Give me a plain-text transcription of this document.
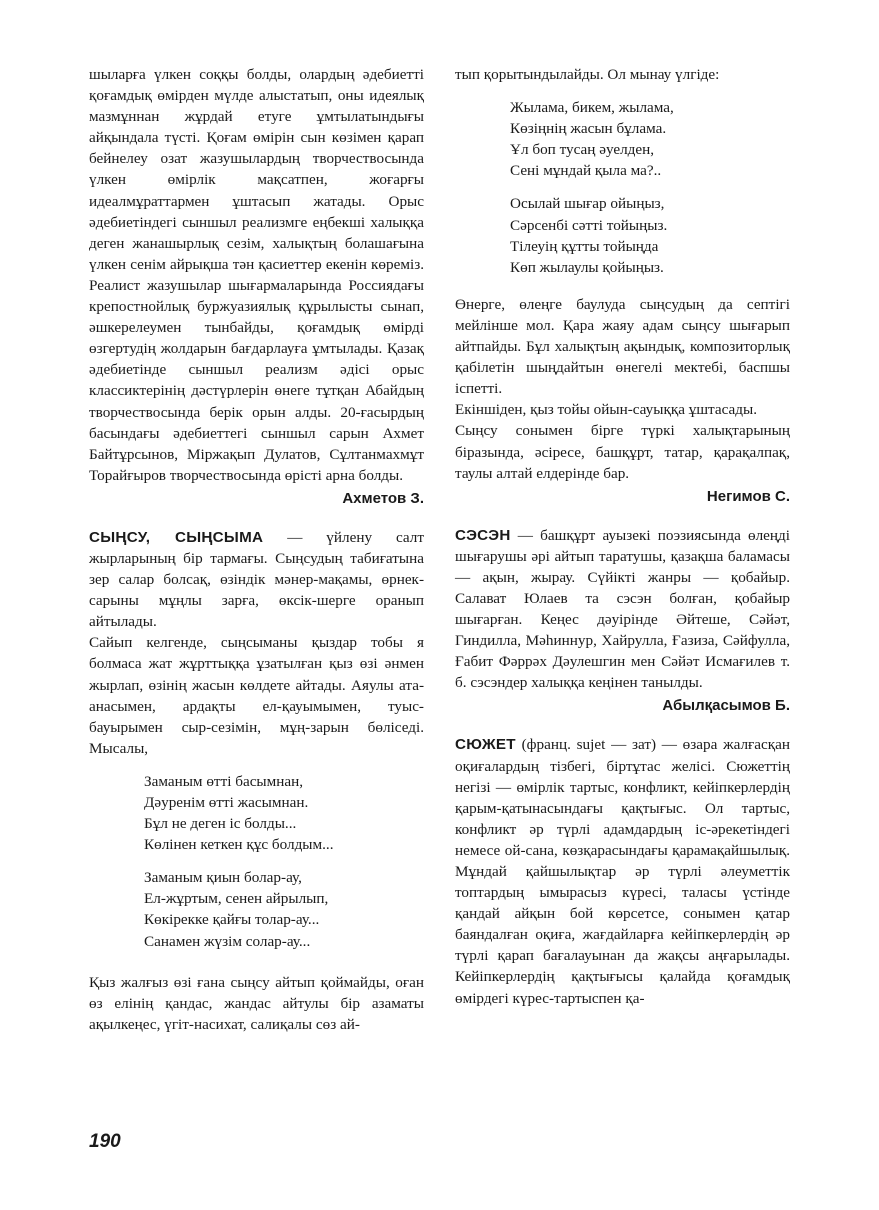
шыларға үлкен соққы болды, олардың әдебиетті қоғамдық өмірден мүлде алыстатып, оны идеялық мазмұннан жұрдай етуге ұмтылатындығы айқындала түсті. Қоғам өмірін сын көзімен қарап бейнелеу озат жазушылардың творчествосында үлкен өмірлік мақсатпен, жоғарғы идеалмұраттармен ұштасып жатады. Орыс әдебиетіндегі сыншыл реализмге еңбекші халыққа деген жанашырлық сезім, халықтың болашағына үлкен сенім айрықша тән қасиеттер екенін көреміз. Реалист жазушылар шығармаларында Россиядағы крепостнойлық буржуазиялық құрылысты сынап, әшкерелеумен тынбайды, қоғамдық өмірді өзгертудің жолдарын бағдарлауға ұмтылады. Қазақ әдебиетінде сыншыл реализм әдісі орыс классиктерінің дәстүрлерін өнеге тұтқан Абайдың творчествосында берік орын алды. 20-ғасырдың басындағы әдебиеттегі сыншыл сарын Ахмет Байтұрсынов, Міржақып Дулатов, Сұлтанмахмұт Торайғыров творчествосында өрісті арна болды.

Ахметов З.

СЫҢСУ, СЫҢСЫМА — үйлену салт жырларының бір тармағы. Сыңсудың табиғатына зер салар болсақ, өзіндік мәнер-мақамы, өрнек-сарыны мұңлы зарға, өксік-шерге оранып айтылады.

Сайып келгенде, сыңсыманы қыздар тобы я болмаса жат жұрттыққа ұзатылған қыз өзі әнмен жырлап, өзінің жасын көлдете айтады. Аяулы ата-анасымен, ардақты ел-қауымымен, туыс-бауырымен сыр-сезімін, мұң-зарын бөліседі. Мысалы,

Заманым өтті басымнан,
Дәуренім өтті жасымнан.
Бұл не деген іс болды...
Көлінен кеткен құс болдым...
Заманым қиын болар-ау,
Ел-жұртым, сенен айрылып,
Көкірекке қайғы толар-ау...
Санамен жүзім солар-ау...

Қыз жалғыз өзі ғана сыңсу айтып қоймайды, оған өз елінің қандас, жандас айтулы бір азаматы ақылкеңес, үгіт-насихат, салиқалы сөз ай-

тып қорытындылайды. Ол мынау үлгіде:

Жылама, бикем, жылама,
Көзіңнің жасын бұлама.
Ұл боп тусаң әуелден,
Сені мұндай қыла ма?..
Осылай шығар ойыңыз,
Сәрсенбі сәтті тойыңыз.
Тілеуің құтты тойыңда
Көп жылаулы қойыңыз.

Өнерге, өлеңге баулуда сыңсудың да септігі мейлінше мол. Қара жаяу адам сыңсу шығарып айтпайды. Бұл халықтың ақындық, композиторлық қабілетін шыңдайтын өнегелі мектебі, баспшы іспетті.

Екіншіден, қыз тойы ойын-сауыққа ұштасады.

Сыңсу сонымен бірге түркі халықтарының біразында, әсіресе, башқұрт, татар, қарақалпақ, таулы алтай елдерінде бар.

Негимов С.

СЭСЭН — башқұрт ауызекі поэзиясында өлеңді шығарушы әрі айтып таратушы, қазақша баламасы — ақын, жырау. Сүйікті жанры — қобайыр. Салават Юлаев та сэсэн болған, қобайыр шығарған. Кеңес дәуірінде Әйтеше, Сәйәт, Гиндилла, Мәһиннур, Хайрулла, Ғазиза, Сәйфулла, Ғабит Фәррәх Дәулешгин мен Сәйәт Исмағилев т. б. сэсэндер халыққа кеңінен танылды.

Абылқасымов Б.

СЮЖЕТ (франц. sujet — зат) — өзара жалғасқан оқиғалардың тізбегі, біртұтас желісі. Сюжеттің негізі — өмірлік тартыс, конфликт, кейіпкерлердің қарым-қатынасындағы қақтығыс. Ол тартыс, конфликт әр түрлі адамдардың іс-әрекетіндегі немесе ой-сана, көзқарасындағы қарамақайшылық. Мұндай қайшылықтар әр түрлі әлеуметтік топтардың ымырасыз күресі, таласы үстінде қандай айқын бой көрсетсе, сонымен қатар баяндалған оқиға, жағдайларға кейіпкерлердің әр түрлі қарап бағалауынан да жақсы аңғарылады. Кейіпкерлердің қақтығысы қалайда қоғамдық өмірдегі күрес-тартыспен қа-

190
